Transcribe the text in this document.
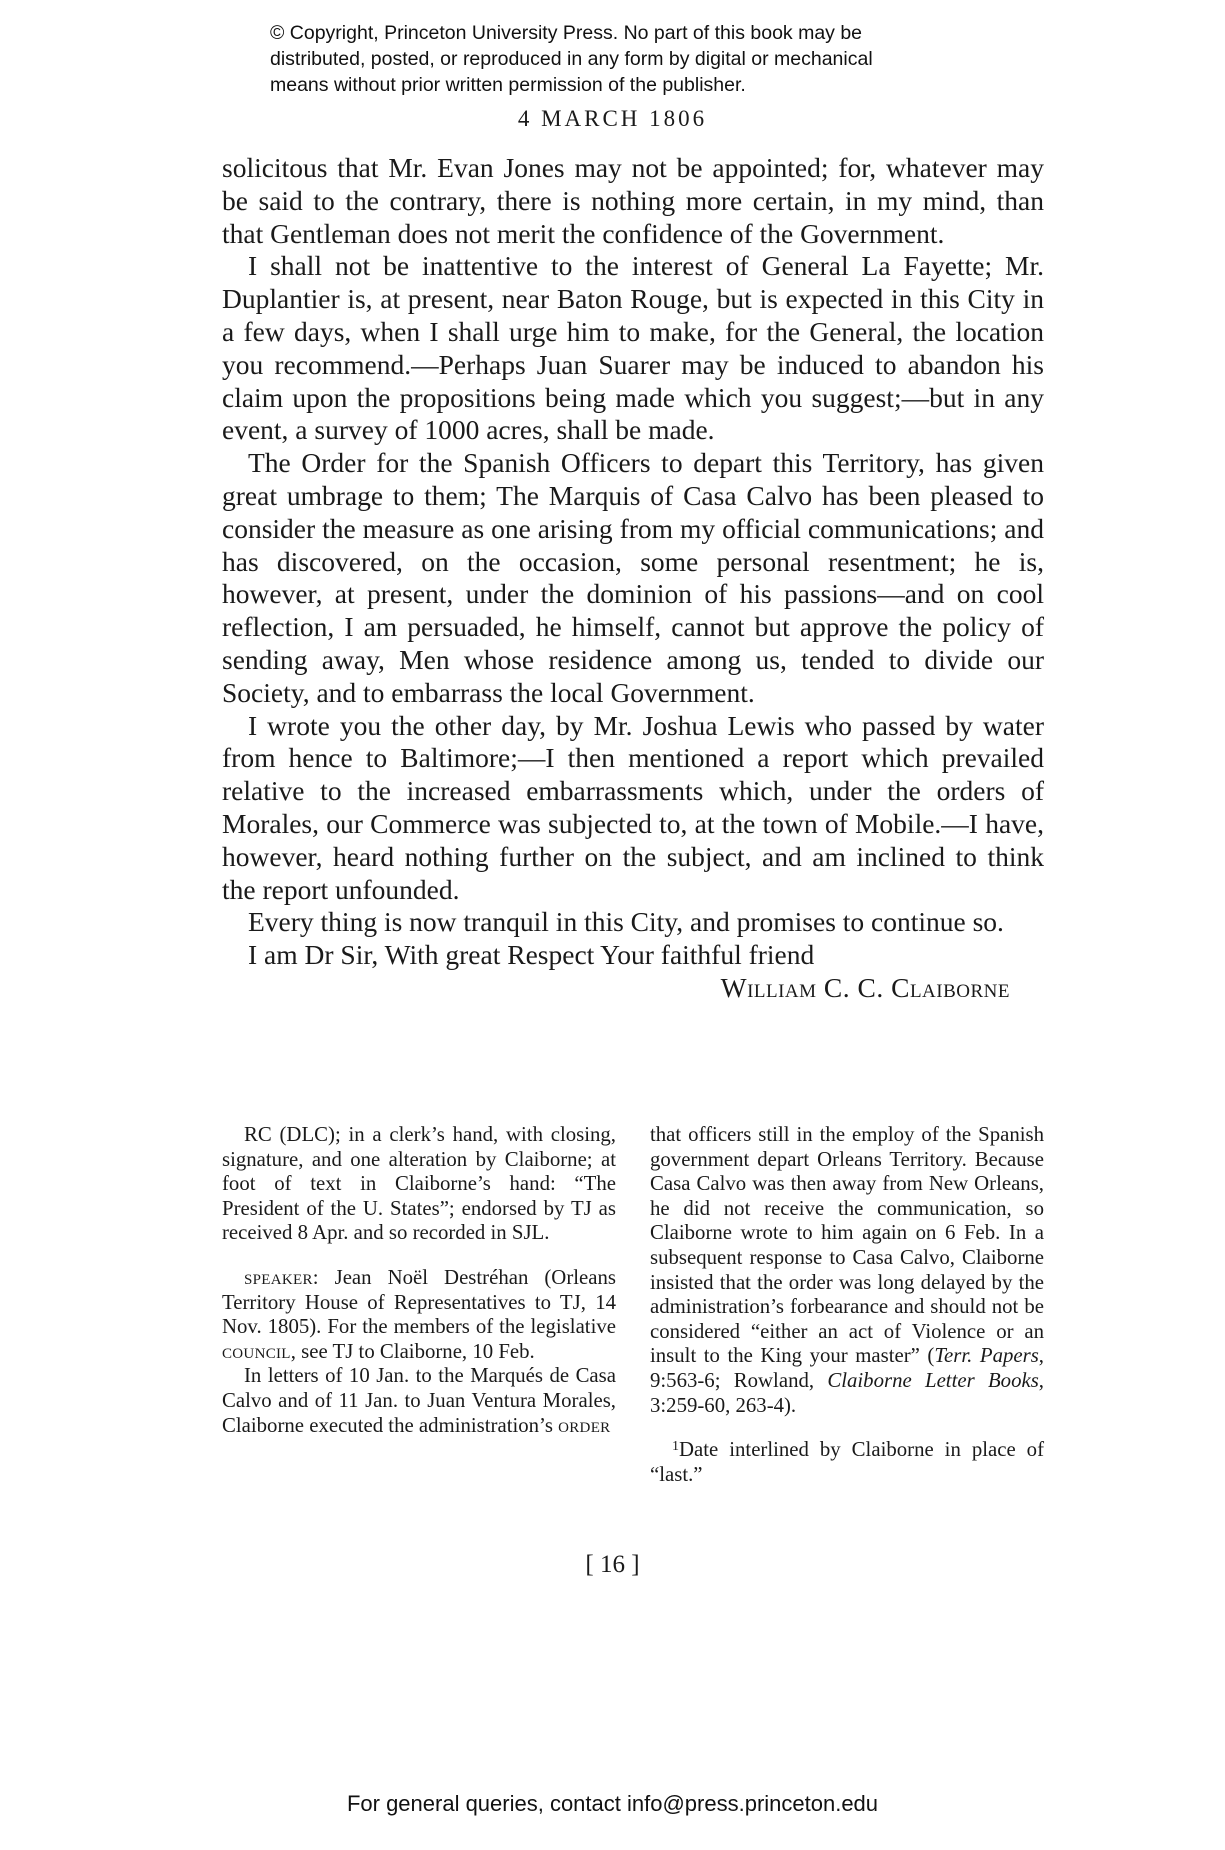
© Copyright, Princeton University Press. No part of this book may be
distributed, posted, or reproduced in any form by digital or mechanical
means without prior written permission of the publisher.
4 MARCH 1806

solicitous that Mr. Evan Jones may not be appointed; for, whatever may be said to the contrary, there is nothing more certain, in my mind, than that Gentleman does not merit the confidence of the Government.

I shall not be inattentive to the interest of General La Fayette; Mr. Duplantier is, at present, near Baton Rouge, but is expected in this City in a few days, when I shall urge him to make, for the General, the location you recommend.—Perhaps Juan Suarer may be induced to abandon his claim upon the propositions being made which you suggest;—but in any event, a survey of 1000 acres, shall be made.

The Order for the Spanish Officers to depart this Territory, has given great umbrage to them; The Marquis of Casa Calvo has been pleased to consider the measure as one arising from my official communications; and has discovered, on the occasion, some personal resentment; he is, however, at present, under the dominion of his passions—and on cool reflection, I am persuaded, he himself, cannot but approve the policy of sending away, Men whose residence among us, tended to divide our Society, and to embarrass the local Government.

I wrote you the other day, by Mr. Joshua Lewis who passed by water from hence to Baltimore;—I then mentioned a report which prevailed relative to the increased embarrassments which, under the orders of Morales, our Commerce was subjected to, at the town of Mobile.—I have, however, heard nothing further on the subject, and am inclined to think the report unfounded.

Every thing is now tranquil in this City, and promises to continue so.

I am Dr Sir, With great Respect Your faithful friend

William C. C. Claiborne

RC (DLC); in a clerk’s hand, with closing, signature, and one alteration by Claiborne; at foot of text in Claiborne’s hand: “The President of the U. States”; endorsed by TJ as received 8 Apr. and so recorded in SJL.

speaker: Jean Noël Destréhan (Orleans Territory House of Representatives to TJ, 14 Nov. 1805). For the members of the legislative council, see TJ to Claiborne, 10 Feb.

In letters of 10 Jan. to the Marqués de Casa Calvo and of 11 Jan. to Juan Ventura Morales, Claiborne executed the administration’s order

that officers still in the employ of the Spanish government depart Orleans Territory. Because Casa Calvo was then away from New Orleans, he did not receive the communication, so Claiborne wrote to him again on 6 Feb. In a subsequent response to Casa Calvo, Claiborne insisted that the order was long delayed by the administration’s forbearance and should not be considered “either an act of Violence or an insult to the King your master” (Terr. Papers, 9:563-6; Rowland, Claiborne Letter Books, 3:259-60, 263-4).

$^1$Date interlined by Claiborne in place of “last.”

[ 16 ]
For general queries, contact info@press.princeton.edu
